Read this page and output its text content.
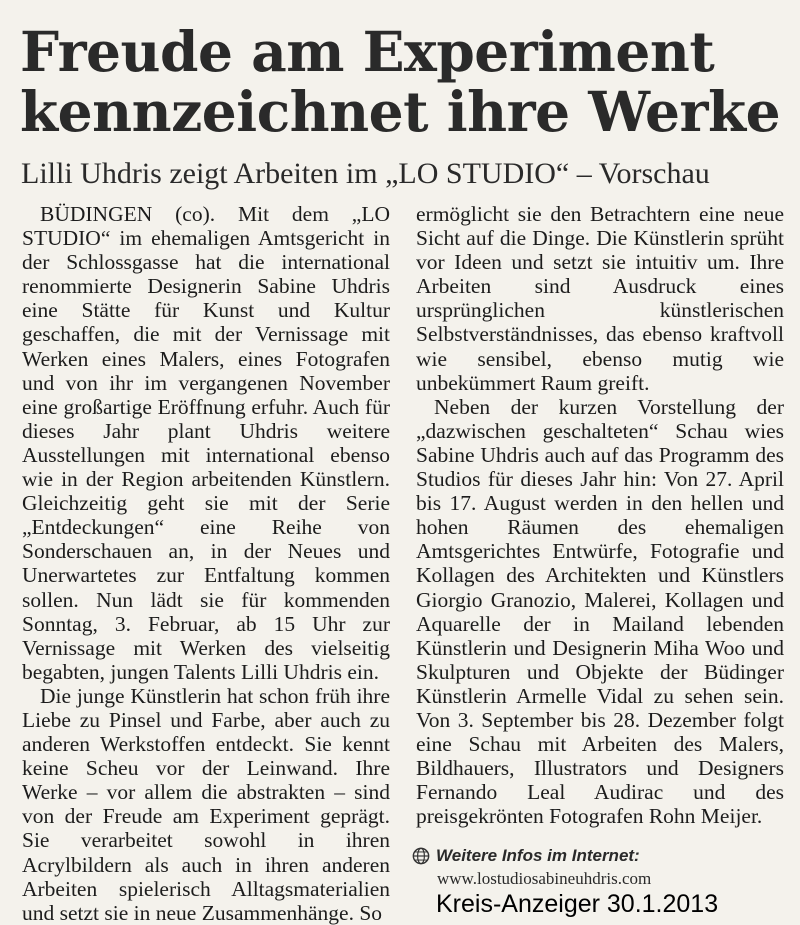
Freude am Experiment
kennzeichnet ihre Werke
Lilli Uhdris zeigt Arbeiten im „LO STUDIO“ – Vorschau

BÜDINGEN (co). Mit dem „LO STUDIO“ im ehemaligen Amtsgericht in der Schlossgasse hat die international renommierte Designerin Sabine Uhdris eine Stätte für Kunst und Kultur geschaffen, die mit der Vernissage mit Werken eines Malers, eines Fotografen und von ihr im vergangenen November eine großartige Eröffnung erfuhr. Auch für dieses Jahr plant Uhdris weitere Ausstellungen mit international ebenso wie in der Region arbeitenden Künstlern. Gleichzeitig geht sie mit der Serie „Entdeckungen“ eine Reihe von Sonderschauen an, in der Neues und Unerwartetes zur Entfaltung kommen sollen. Nun lädt sie für kommenden Sonntag, 3. Februar, ab 15 Uhr zur Vernissage mit Werken des vielseitig begabten, jungen Talents Lilli Uhdris ein.

Die junge Künstlerin hat schon früh ihre Liebe zu Pinsel und Farbe, aber auch zu anderen Werkstoffen entdeckt. Sie kennt keine Scheu vor der Leinwand. Ihre Werke – vor allem die abstrakten – sind von der Freude am Experiment geprägt. Sie verarbeitet sowohl in ihren Acrylbildern als auch in ihren anderen Arbeiten spielerisch Alltagsmaterialien und setzt sie in neue Zusammenhänge. So

ermöglicht sie den Betrachtern eine neue Sicht auf die Dinge. Die Künstlerin sprüht vor Ideen und setzt sie intuitiv um. Ihre Arbeiten sind Ausdruck eines ursprünglichen künstlerischen Selbstverständnisses, das ebenso kraftvoll wie sensibel, ebenso mutig wie unbekümmert Raum greift.

Neben der kurzen Vorstellung der „dazwischen geschalteten“ Schau wies Sabine Uhdris auch auf das Programm des Studios für dieses Jahr hin: Von 27. April bis 17. August werden in den hellen und hohen Räumen des ehemaligen Amtsgerichtes Entwürfe, Fotografie und Kollagen des Architekten und Künstlers Giorgio Granozio, Malerei, Kollagen und Aquarelle der in Mailand lebenden Künstlerin und Designerin Miha Woo und Skulpturen und Objekte der Büdinger Künstlerin Armelle Vidal zu sehen sein. Von 3. September bis 28. Dezember folgt eine Schau mit Arbeiten des Malers, Bildhauers, Illustrators und Designers Fernando Leal Audirac und des preisgekrönten Fotografen Rohn Meijer.

Weitere Infos im Internet:
www.lostudiosabineuhdris.com
Kreis-Anzeiger 30.1.2013
